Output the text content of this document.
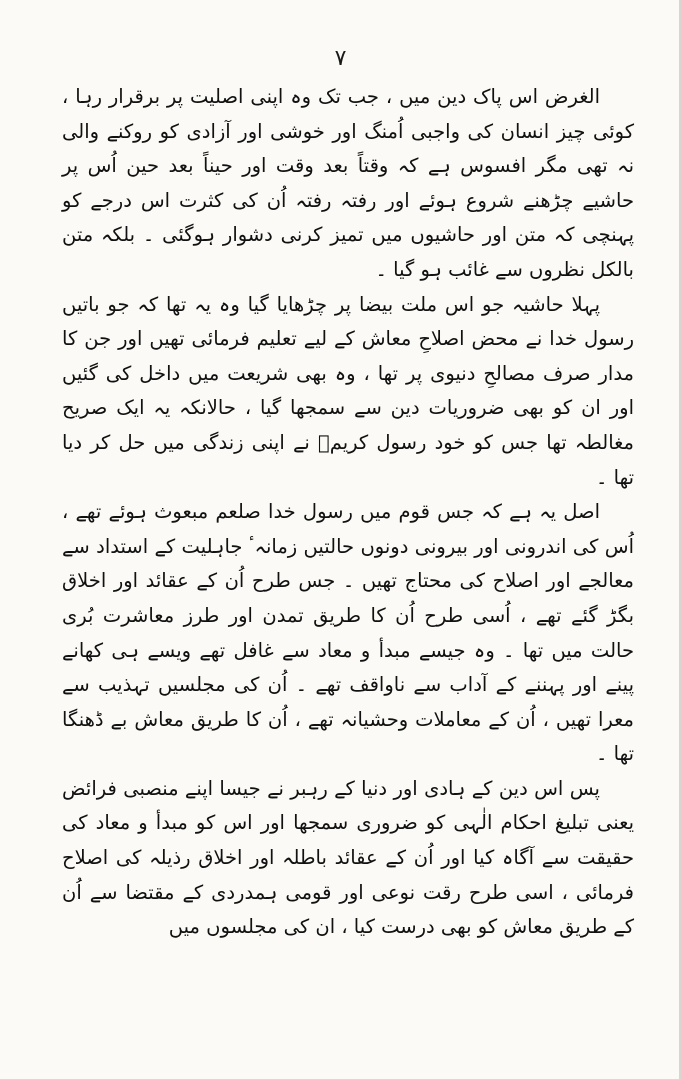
۷

الغرض اس پاک دین میں ، جب تک وہ اپنی اصلیت پر برقرار رہا ، کوئی چیز انسان کی واجبی اُمنگ اور خوشی اور آزادی کو روکنے والی نہ تھی مگر افسوس ہے کہ وقتاً بعد وقت اور حیناً بعد حین اُس پر حاشیے چڑھنے شروع ہوئے اور رفتہ رفتہ اُن کی کثرت اس درجے کو پہنچی کہ متن اور حاشیوں میں تمیز کرنی دشوار ہوگئی ۔ بلکہ متن بالکل نظروں سے غائب ہو گیا ۔

پہلا حاشیہ جو اس ملت بیضا پر چڑھایا گیا وہ یہ تھا کہ جو باتیں رسول خدا نے محض اصلاحِ معاش کے لیے تعلیم فرمائی تھیں اور جن کا مدار صرف مصالحِ دنیوی پر تھا ، وہ بھی شریعت میں داخل کی گئیں اور ان کو بھی ضروریات دین سے سمجھا گیا ، حالانکہ یہ ایک صریح مغالطہ تھا جس کو خود رسول کریمؐ نے اپنی زندگی میں حل کر دیا تھا ۔

اصل یہ ہے کہ جس قوم میں رسول خدا صلعم مبعوث ہوئے تھے ، اُس کی اندرونی اور بیرونی دونوں حالتیں زمانہٴ جاہلیت کے استداد سے معالجے اور اصلاح کی محتاج تھیں ۔ جس طرح اُن کے عقائد اور اخلاق بگڑ گئے تھے ، اُسی طرح اُن کا طریق تمدن اور طرز معاشرت بُری حالت میں تھا ۔ وہ جیسے مبدأ و معاد سے غافل تھے ویسے ہی کھانے پینے اور پہننے کے آداب سے ناواقف تھے ۔ اُن کی مجلسیں تہذیب سے معرا تھیں ، اُن کے معاملات وحشیانہ تھے ، اُن کا طریق معاش بے ڈھنگا تھا ۔

پس اس دین کے ہادی اور دنیا کے رہبر نے جیسا اپنے منصبی فرائض یعنی تبلیغ احکام الٰہی کو ضروری سمجھا اور اس کو مبدأ و معاد کی حقیقت سے آگاہ کیا اور اُن کے عقائد باطلہ اور اخلاق رذیلہ کی اصلاح فرمائی ، اسی طرح رقت نوعی اور قومی ہمدردی کے مقتضا سے اُن کے طریق معاش کو بھی درست کیا ، ان کی مجلسوں میں
